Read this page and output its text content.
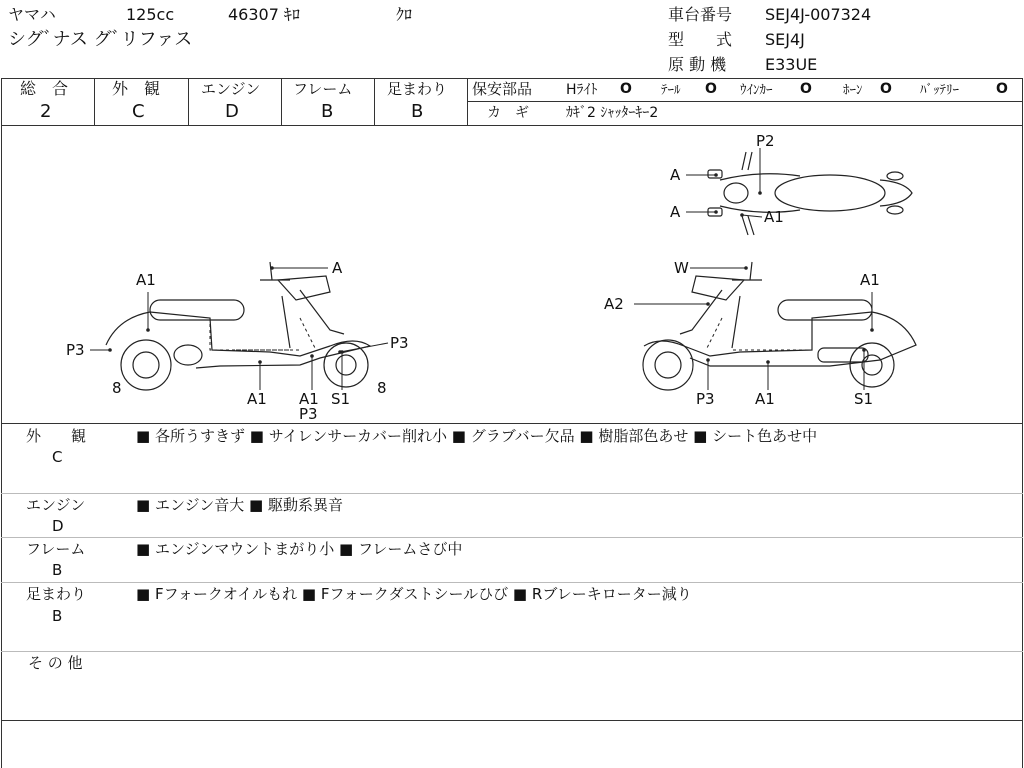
ヤマハ	125cc	46307 ｷﾛ	ｸﾛ
シグﾞナス グﾞリファス
車台番号 SEJ4J-007324
型　　式 SEJ4J
原 動 機 E33UE
総　合
2
外　観
C
エンジン
D
フレーム
B
足まわり
B
保安部品 Hﾗｲﾄ O ﾃｰﾙ O ｳｲﾝｶｰ O ﾎｰﾝ O ﾊﾞｯﾃﾘｰ	O
カ　ギ	ｶｷﾞ2 ｼｬｯﾀｰｷｰ2
P2
A
A	A1
A
A1
P3	P3
8	8
A1 A1
P3
S1
W
A2
A1
P3	A1	S1
外　　観
C
■ 各所うすきず ■ サイレンサーカバー削れ小 ■ グラブバー欠品 ■ 樹脂部色あせ ■ シート色あせ中
エンジン
D
■ エンジン音大 ■ 駆動系異音
フレーム
B
■ エンジンマウントまがり小 ■ フレームさび中
足まわり
B
■ Fフォークオイルもれ ■ Fフォークダストシールひび ■ Rブレーキローター減り
そ の 他
